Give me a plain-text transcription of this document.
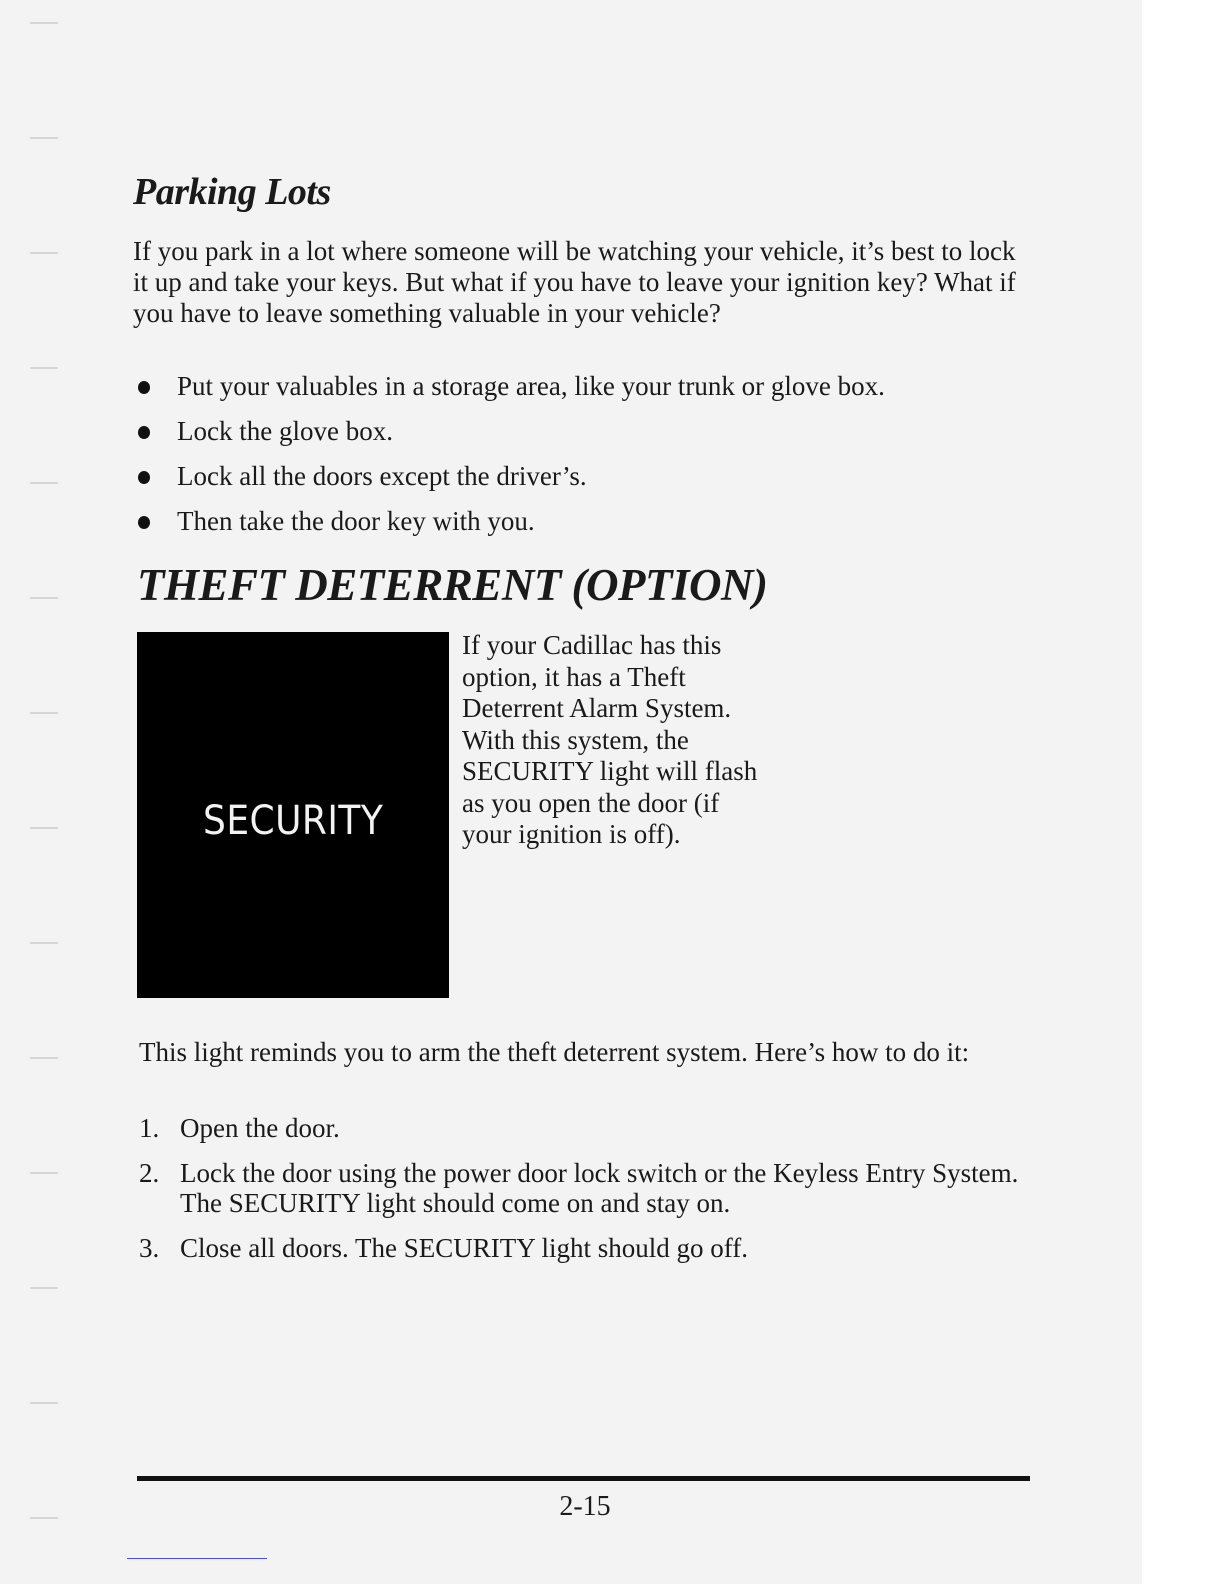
Parking Lots

If you park in a lot where someone will be watching your vehicle, it’s best to lock it up and take your keys. But what if you have to leave your ignition key? What if you have to leave something valuable in your vehicle?

Put your valuables in a storage area, like your trunk or glove box.
Lock the glove box.
Lock all the doors except the driver’s.
Then take the door key with you.
THEFT DETERRENT (OPTION)
SECURITY

If your Cadillac has this option, it has a Theft Deterrent Alarm System. With this system, the SECURITY light will flash as you open the door (if your ignition is off).

This light reminds you to arm the theft deterrent system. Here’s how to do it:

1. Open the door.
2. Lock the door using the power door lock switch or the Keyless Entry System. The SECURITY light should come on and stay on.
3. Close all doors. The SECURITY light should go off.
2-15
